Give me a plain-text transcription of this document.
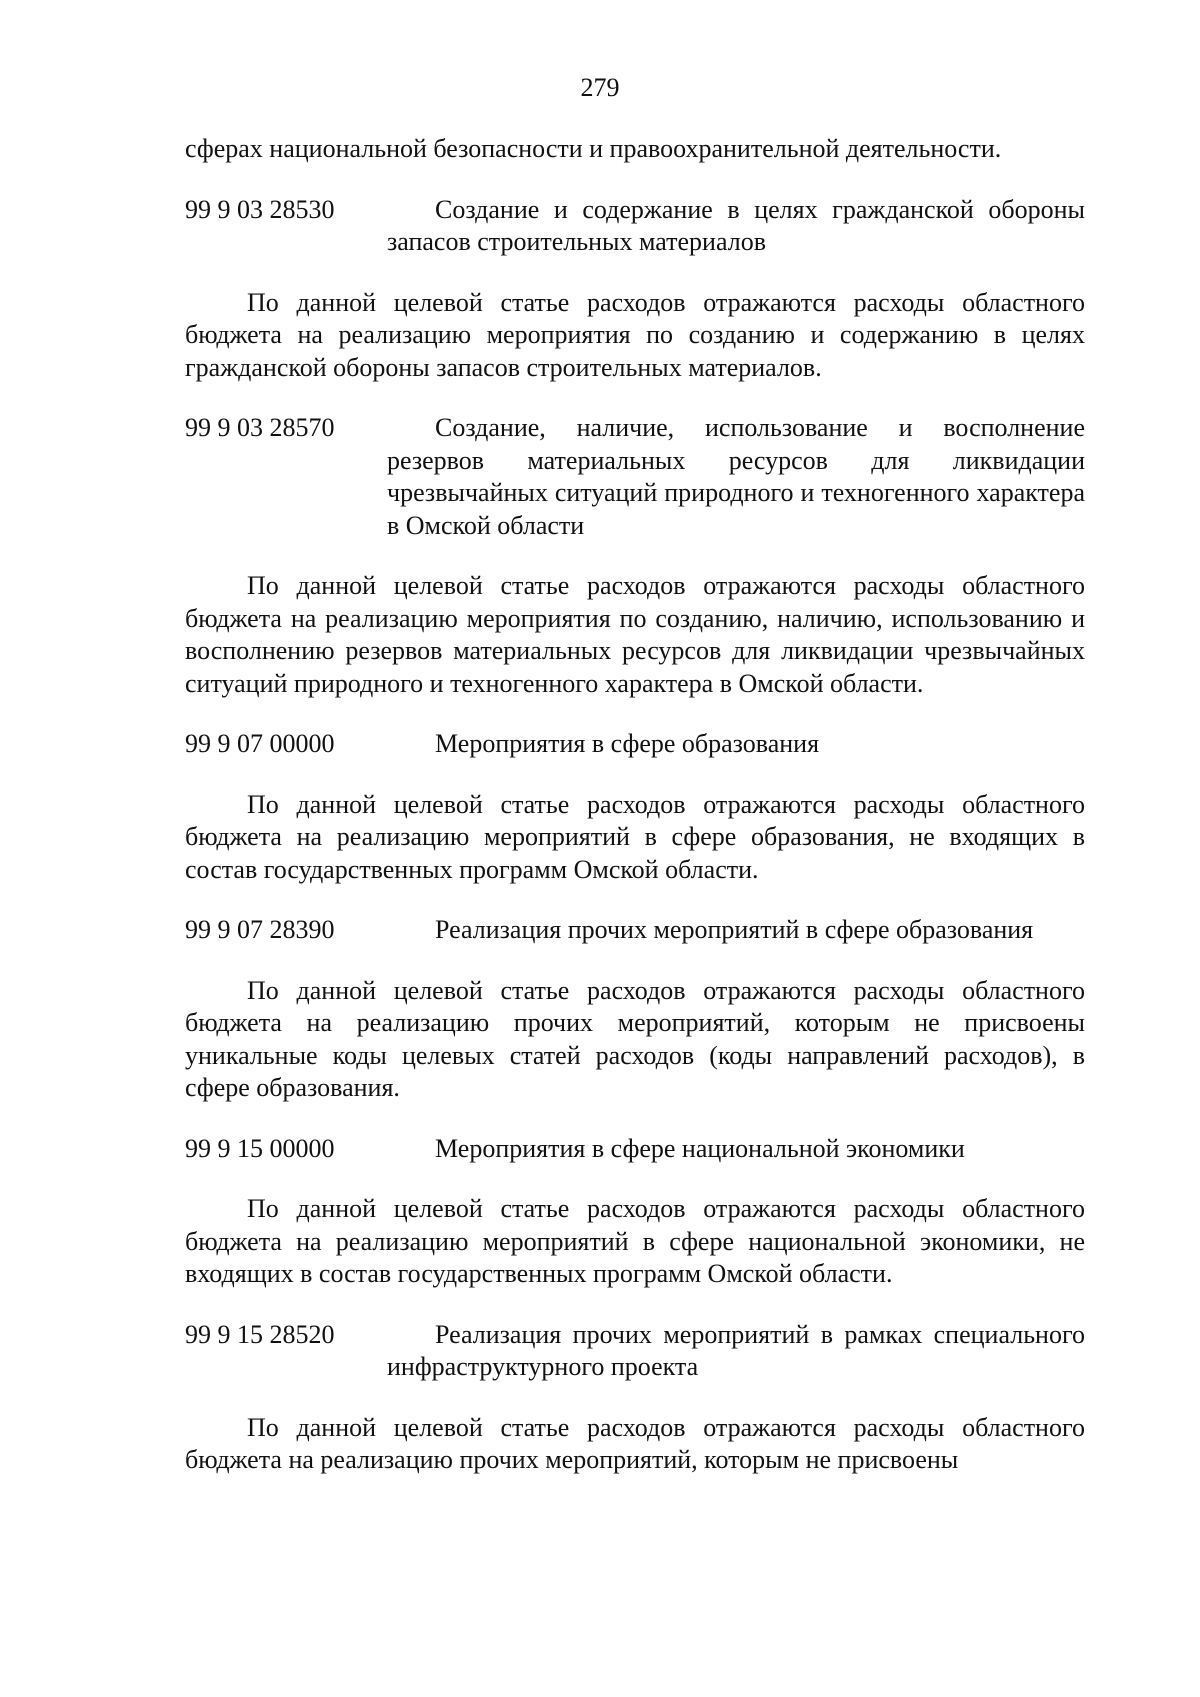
279

сферах национальной безопасности и правоохранительной деятельности.

99 9 03 28530	Создание и содержание в целях гражданской обороны запасов строительных материалов

По данной целевой статье расходов отражаются расходы областного бюджета на реализацию мероприятия по созданию и содержанию в целях гражданской обороны запасов строительных материалов.

99 9 03 28570	Создание, наличие, использование и восполнение резервов материальных ресурсов для ликвидации чрезвычайных ситуаций природного и техногенного характера в Омской области

По данной целевой статье расходов отражаются расходы областного бюджета на реализацию мероприятия по созданию, наличию, использованию и восполнению резервов материальных ресурсов для ликвидации чрезвычайных ситуаций природного и техногенного характера в Омской области.

99 9 07 00000	Мероприятия в сфере образования

По данной целевой статье расходов отражаются расходы областного бюджета на реализацию мероприятий в сфере образования, не входящих в состав государственных программ Омской области.

99 9 07 28390	Реализация прочих мероприятий в сфере образования

По данной целевой статье расходов отражаются расходы областного бюджета на реализацию прочих мероприятий, которым не присвоены уникальные коды целевых статей расходов (коды направлений расходов), в сфере образования.

99 9 15 00000	Мероприятия в сфере национальной экономики

По данной целевой статье расходов отражаются расходы областного бюджета на реализацию мероприятий в сфере национальной экономики, не входящих в состав государственных программ Омской области.

99 9 15 28520	Реализация прочих мероприятий в рамках специального инфраструктурного проекта

По данной целевой статье расходов отражаются расходы областного бюджета на реализацию прочих мероприятий, которым не присвоены
